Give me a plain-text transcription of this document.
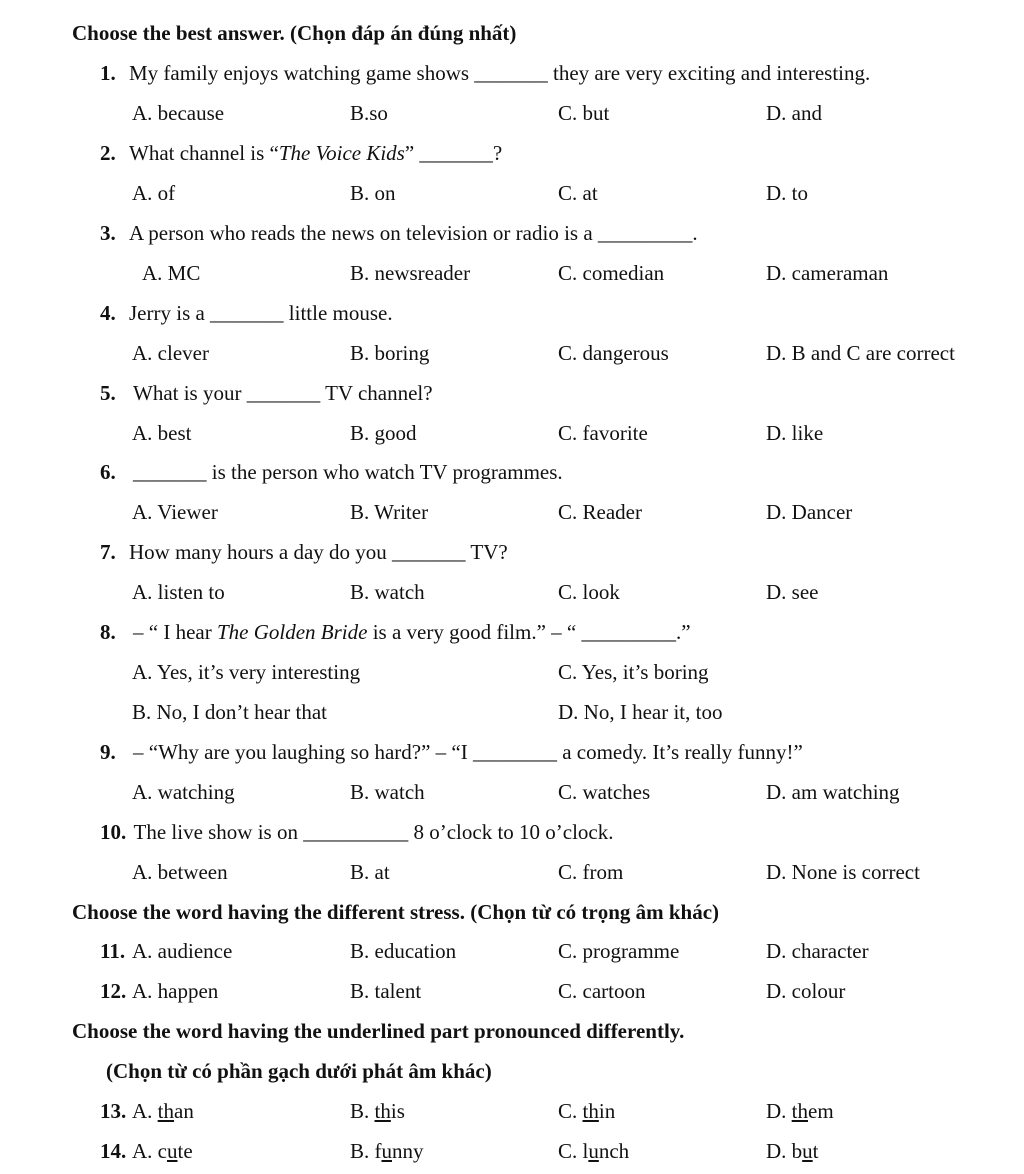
Choose the best answer. (Chọn đáp án đúng nhất)
1. My family enjoys watching game shows _______ they are very exciting and interesting.
A. because	B.so	C. but	D. and
2. What channel is “The Voice Kids” _______?
A. of	B. on	C. at	D. to
3. A person who reads the news on television or radio is a _________.
A. MC	B. newsreader	C. comedian	D. cameraman
4. Jerry is a _______ little mouse.
A. clever	B. boring	C. dangerous	D. B and C are correct
5. What is your _______ TV channel?
A. best	B. good	C. favorite	D. like
6. _______ is the person who watch TV programmes.
A. Viewer	B. Writer	C. Reader	D. Dancer
7. How many hours a day do you _______ TV?
A. listen to	B. watch	C. look	D. see
8. – “ I hear The Golden Bride is a very good film.” – “ _________.”
A. Yes, it’s very interesting	C. Yes, it’s boring
B. No, I don’t hear that	D. No, I hear it, too
9. – “Why are you laughing so hard?” – “I ________ a comedy. It’s really funny!”
A. watching	B. watch	C. watches	D. am watching
10. The live show is on __________ 8 o’clock to 10 o’clock.
A. between	B. at	C. from	D. None is correct
Choose the word having the different stress. (Chọn từ có trọng âm khác)
11. A. audience	B. education	C. programme	D. character
12. A. happen	B. talent	C. cartoon	D. colour
Choose the word having the underlined part pronounced differently.
(Chọn từ có phần gạch dưới phát âm khác)
13. A. than	B. this	C. thin	D. them
14. A. cute	B. funny	C. lunch	D. but
